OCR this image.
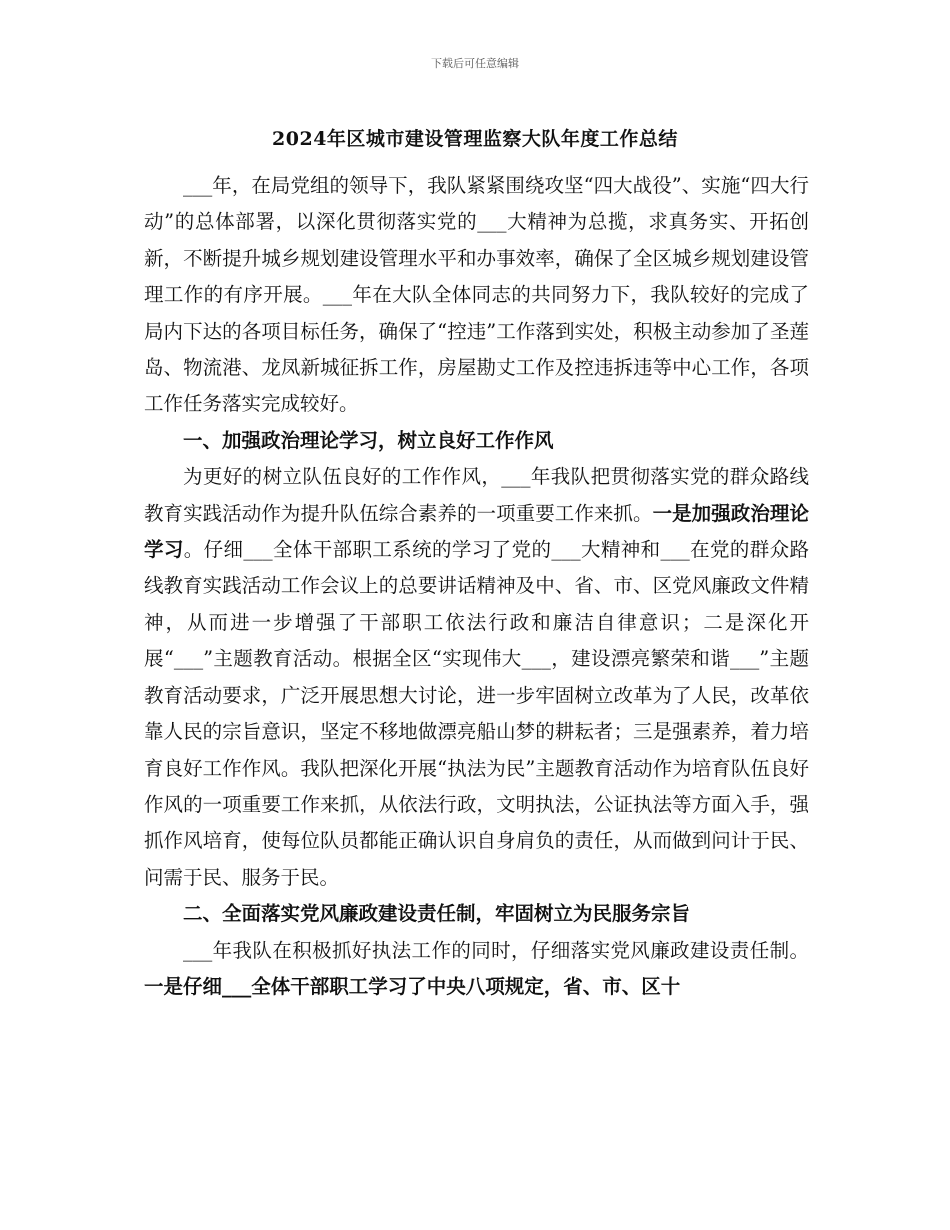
下载后可任意编辑
2024年区城市建设管理监察大队年度工作总结

___年，在局党组的领导下，我队紧紧围绕攻坚“四大战役”、实施“四大行动”的总体部署，以深化贯彻落实党的___大精神为总揽，求真务实、开拓创新，不断提升城乡规划建设管理水平和办事效率，确保了全区城乡规划建设管理工作的有序开展。___年在大队全体同志的共同努力下，我队较好的完成了局内下达的各项目标任务，确保了“控违”工作落到实处，积极主动参加了圣莲岛、物流港、龙凤新城征拆工作，房屋勘丈工作及控违拆违等中心工作，各项工作任务落实完成较好。

一、加强政治理论学习，树立良好工作作风

为更好的树立队伍良好的工作作风，___年我队把贯彻落实党的群众路线教育实践活动作为提升队伍综合素养的一项重要工作来抓。一是加强政治理论学习。仔细___全体干部职工系统的学习了党的___大精神和___在党的群众路线教育实践活动工作会议上的总要讲话精神及中、省、市、区党风廉政文件精神，从而进一步增强了干部职工依法行政和廉洁自律意识；二是深化开展“___”主题教育活动。根据全区“实现伟大___，建设漂亮繁荣和谐___”主题教育活动要求，广泛开展思想大讨论，进一步牢固树立改革为了人民，改革依靠人民的宗旨意识，坚定不移地做漂亮船山梦的耕耘者；三是强素养，着力培育良好工作作风。我队把深化开展“执法为民”主题教育活动作为培育队伍良好作风的一项重要工作来抓，从依法行政，文明执法，公证执法等方面入手，强抓作风培育，使每位队员都能正确认识自身肩负的责任，从而做到问计于民、问需于民、服务于民。

二、全面落实党风廉政建设责任制，牢固树立为民服务宗旨

___年我队在积极抓好执法工作的同时，仔细落实党风廉政建设责任制。一是仔细___全体干部职工学习了中央八项规定，省、市、区十
